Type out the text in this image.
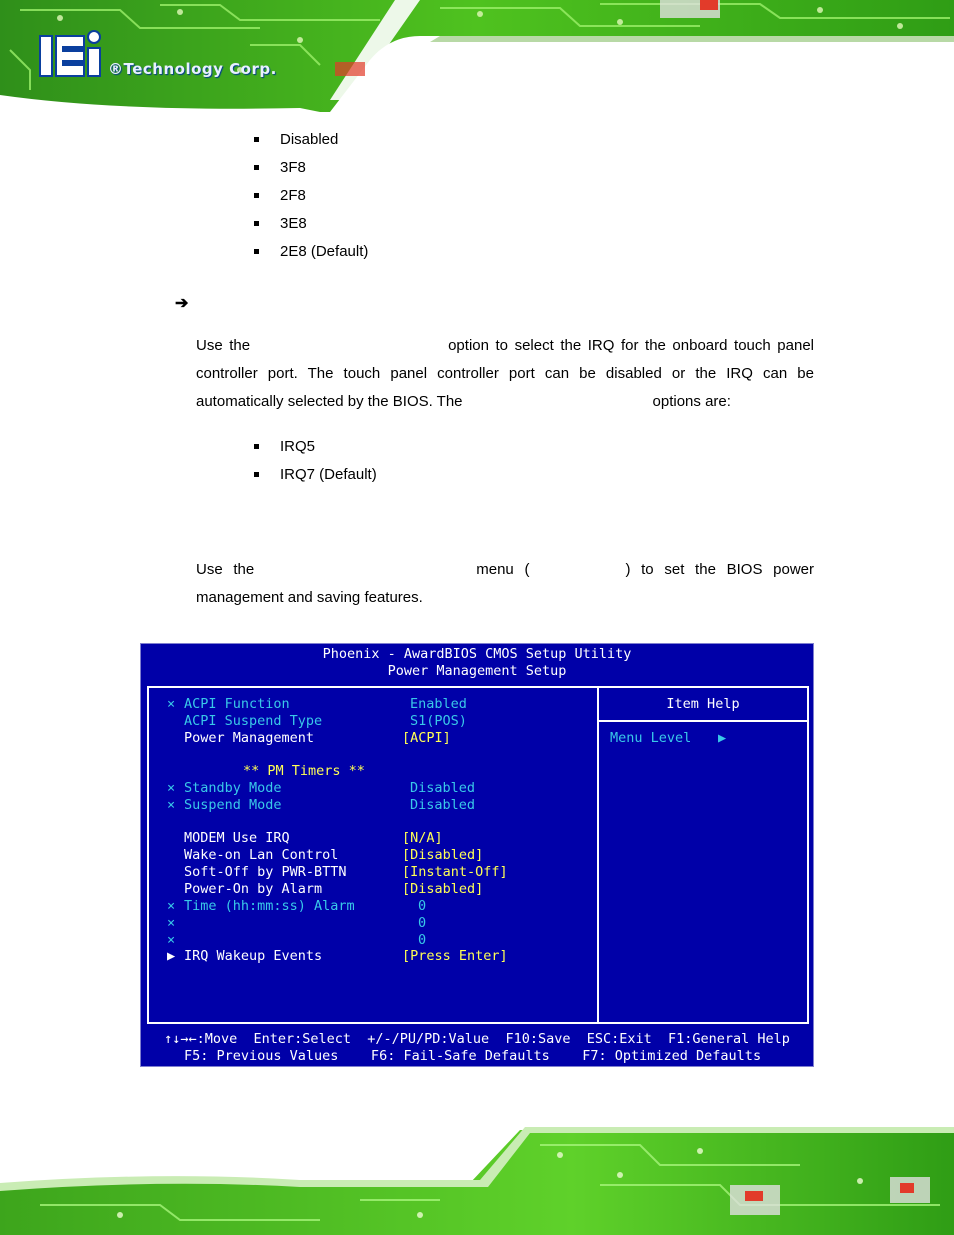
®Technology Corp.
Disabled
3F8
2F8
3E8
2E8 (Default)
➔

Use the	option to select the IRQ for the onboard touch panel controller port. The touch panel controller port can be disabled or the IRQ can be automatically selected by the BIOS. The	options are:

IRQ5
IRQ7 (Default)

Use the	menu (	) to set the BIOS power management and saving features.

Phoenix - AwardBIOS CMOS Setup Utility
Power Management Setup
Item Help
Menu Level ▶
× ACPI Function	Enabled
ACPI Suspend Type	S1(POS)
Power Management	[ACPI]
** PM Timers **
× Standby Mode	Disabled
× Suspend Mode	Disabled
MODEM Use IRQ	[N/A]
Wake-on Lan Control	[Disabled]
Soft-Off by PWR-BTTN	[Instant-Off]
Power-On by Alarm	[Disabled]
× Time (hh:mm:ss) Alarm	0
×	0
×	0
▶ IRQ Wakeup Events	[Press Enter]
↑↓→←:Move  Enter:Select  +/-/PU/PD:Value  F10:Save  ESC:Exit  F1:General Help
F5: Previous Values    F6: Fail-Safe Defaults    F7: Optimized Defaults
